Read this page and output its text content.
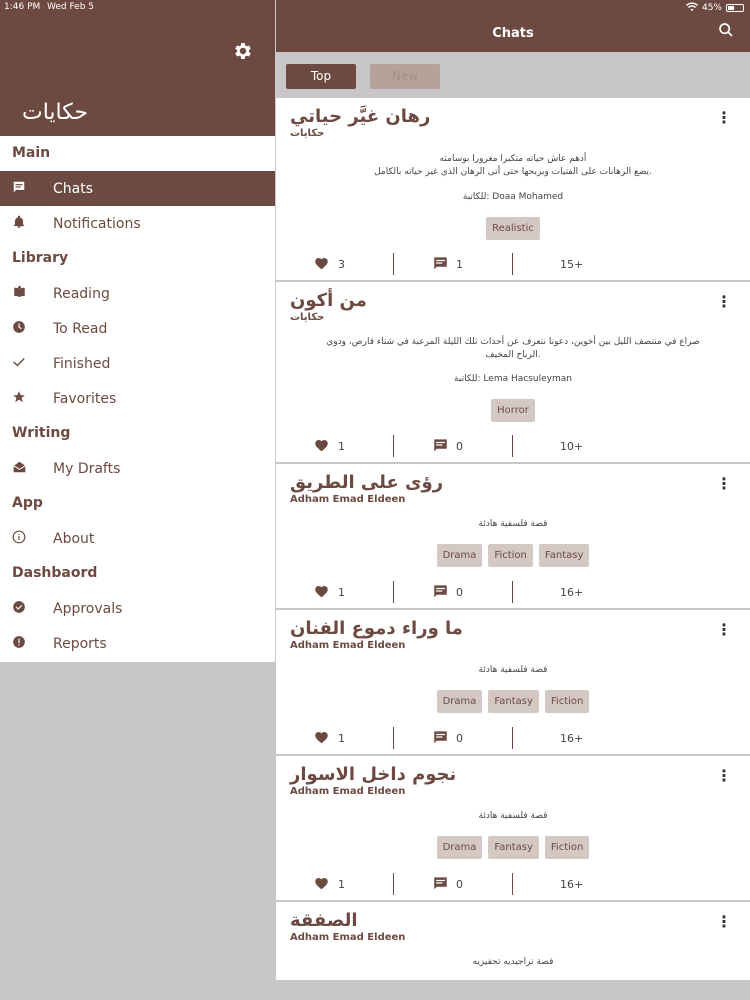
حكايات
Main
Chats
Notifications
Library
Reading
To Read
Finished
Favorites
Writing
My Drafts
App
About
Dashbaord
Approvals
Reports
1:46 PM Wed Feb 5	45%
Chats
Top	New
رهان غيَّر حياتي
حكايات
⋮
أدهم عاش حياته متكبرا مغرورا بوسامته
يضع الرهانات على الفتيات ويربحها حتى أتى الرهان الذي غير حياته بالكامل.
للكاتبة: Doaa Mohamed
Realistic
3	1	15+
من أكون
حكايات
⋮
صراع في منتصف الليل بين أخوين، دعونا نتعرف عن أحداث تلك الليلة المرعبة في شتاء قارص، ودوي
الرياح المخيف.
للكاتبة: Lema Hacsuleyman
Horror
1	0	10+
رؤى على الطريق
Adham Emad Eldeen
⋮
قصة فلسفية هادئة
Drama	Fiction	Fantasy
1	0	16+
ما وراء دموع الفنان
Adham Emad Eldeen
⋮
قصة فلسفية هادئة
Drama	Fantasy	Fiction
1	0	16+
نجوم داخل الاسوار
Adham Emad Eldeen
⋮
قصة فلسفية هادئة
Drama	Fantasy	Fiction
1	0	16+
الصفقة
Adham Emad Eldeen
⋮
قصة تراجيديه تحفيزيه
